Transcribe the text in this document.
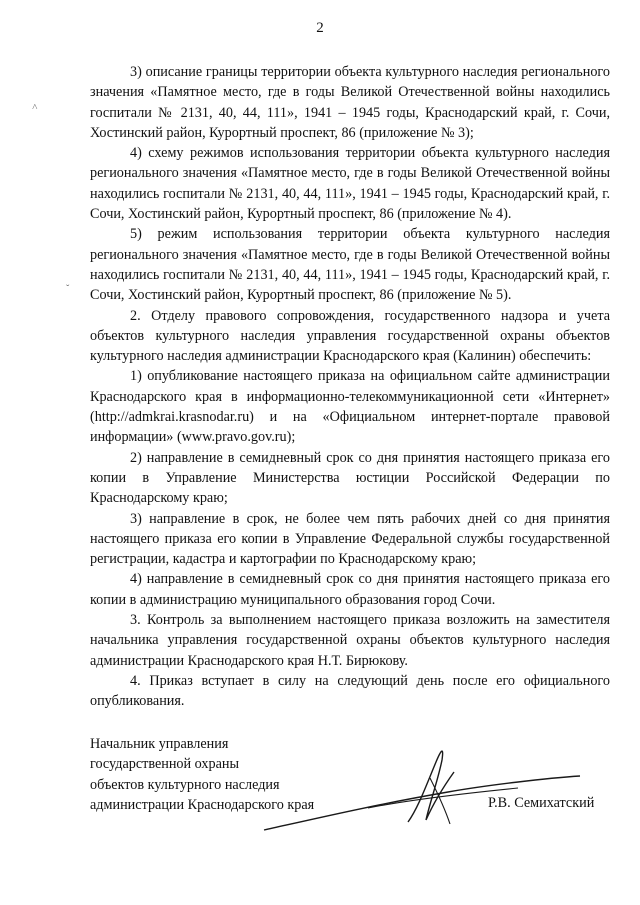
2
˄
ˇ

3) описание границы территории объекта культурного наследия регионального значения «Памятное место, где в годы Великой Отечественной войны находились госпитали № 2131, 40, 44, 111», 1941 – 1945 годы, Краснодарский край, г. Сочи, Хостинский район, Курортный проспект, 86 (приложение № 3);

4) схему режимов использования территории объекта культурного наследия регионального значения «Памятное место, где в годы Великой Отечественной войны находились госпитали № 2131, 40, 44, 111», 1941 – 1945 годы, Краснодарский край, г. Сочи, Хостинский район, Курортный проспект, 86 (приложение № 4).

5) режим использования территории объекта культурного наследия регионального значения «Памятное место, где в годы Великой Отечественной войны находились госпитали № 2131, 40, 44, 111», 1941 – 1945 годы, Краснодарский край, г. Сочи, Хостинский район, Курортный проспект, 86 (приложение № 5).

2. Отделу правового сопровождения, государственного надзора и учета объектов культурного наследия управления государственной охраны объектов культурного наследия администрации Краснодарского края (Калинин) обеспечить:

1) опубликование настоящего приказа на официальном сайте администрации Краснодарского края в информационно-телекоммуникационной сети «Интернет» (http://admkrai.krasnodar.ru) и на «Официальном интернет-портале правовой информации» (www.pravo.gov.ru);

2) направление в семидневный срок со дня принятия настоящего приказа его копии в Управление Министерства юстиции Российской Федерации по Краснодарскому краю;

3) направление в срок, не более чем пять рабочих дней со дня принятия настоящего приказа его копии в Управление Федеральной службы государственной регистрации, кадастра и картографии по Краснодарскому краю;

4) направление в семидневный срок со дня принятия настоящего приказа его копии в администрацию муниципального образования город Сочи.

3. Контроль за выполнением настоящего приказа возложить на заместителя начальника управления государственной охраны объектов культурного наследия администрации Краснодарского края Н.Т. Бирюкову.

4. Приказ вступает в силу на следующий день после его официального опубликования.

Начальник управления
государственной охраны
объектов культурного наследия
администрации Краснодарского края	Р.В. Семихатский
